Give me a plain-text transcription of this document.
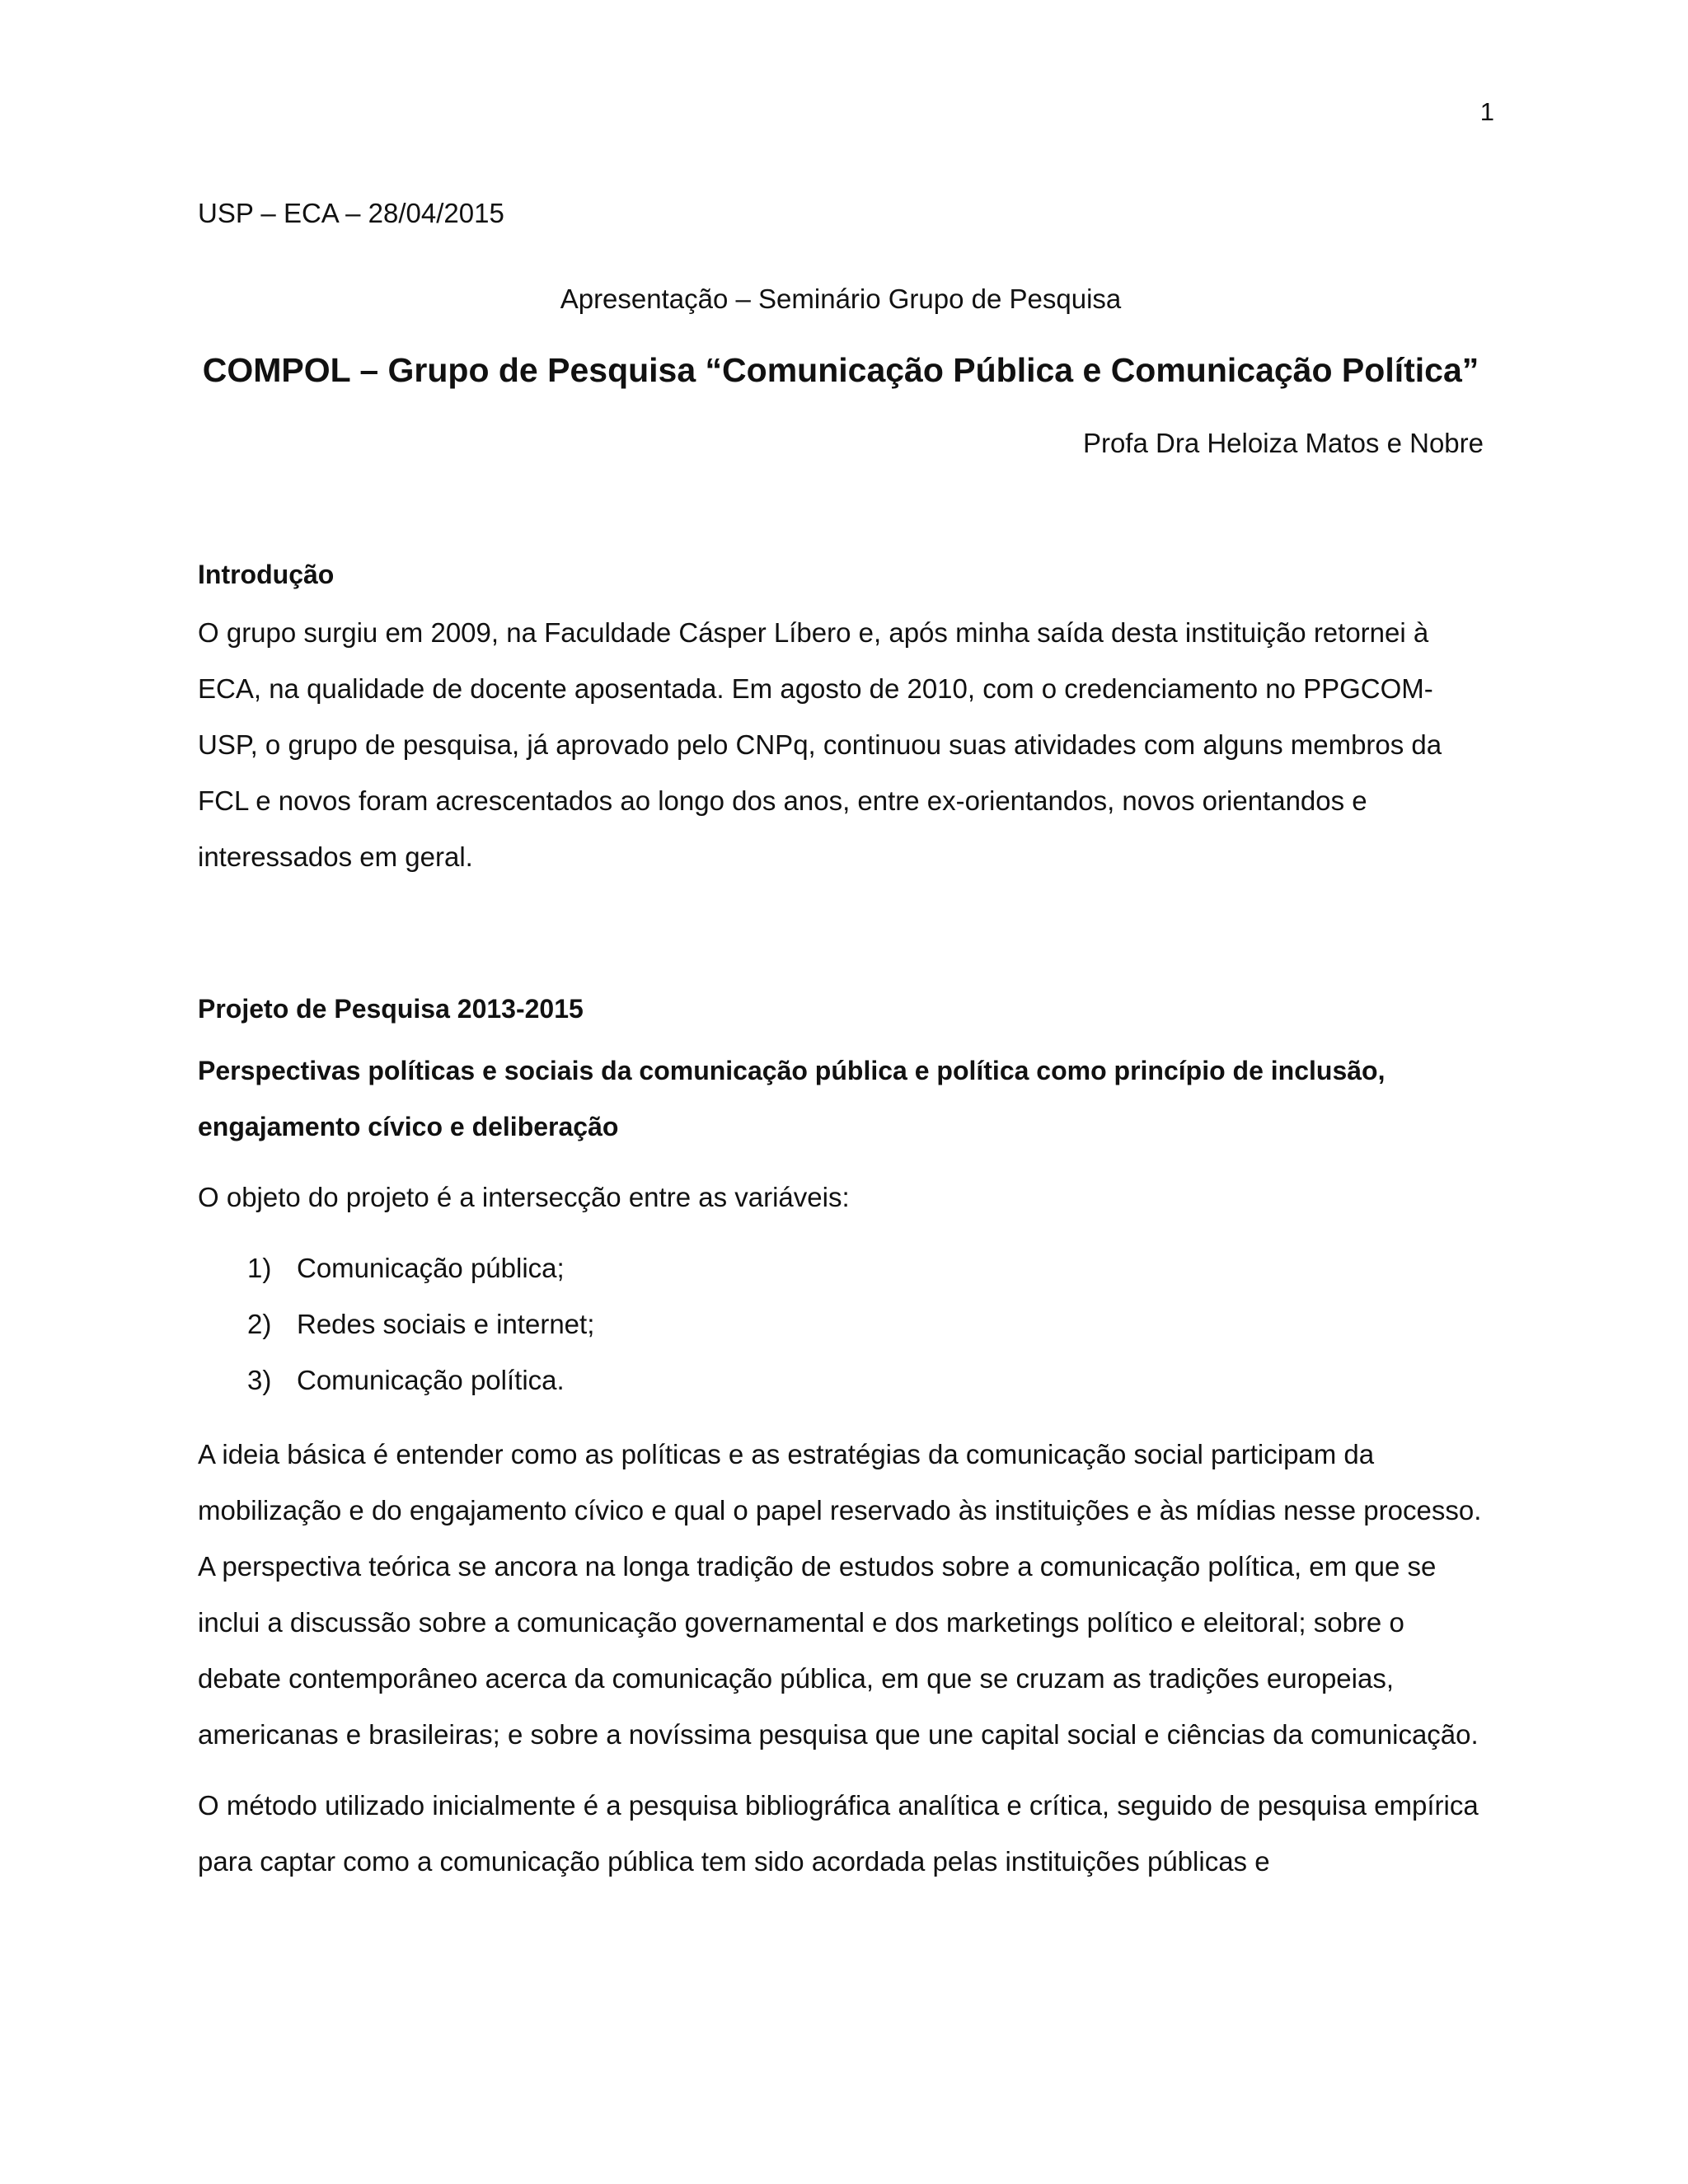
1

USP – ECA – 28/04/2015

Apresentação – Seminário Grupo de Pesquisa

COMPOL – Grupo de Pesquisa “Comunicação Pública e Comunicação Política”

Profa Dra Heloiza Matos e Nobre

Introdução

O grupo surgiu em 2009, na Faculdade Cásper Líbero e, após minha saída desta instituição retornei à ECA, na qualidade de docente aposentada. Em agosto de 2010, com o credenciamento no PPGCOM-USP, o grupo de pesquisa, já aprovado pelo CNPq, continuou suas atividades com alguns membros da FCL e novos foram acrescentados ao longo dos anos, entre ex-orientandos, novos orientandos e interessados em geral.

Projeto de Pesquisa 2013-2015

Perspectivas políticas e sociais da comunicação pública e política como princípio de inclusão, engajamento cívico e deliberação

O objeto do projeto é a intersecção entre as variáveis:

1) Comunicação pública;
2) Redes sociais e internet;
3) Comunicação política.

A ideia básica é entender como as políticas e as estratégias da comunicação social participam da mobilização e do engajamento cívico e qual o papel reservado às instituições e às mídias nesse processo. A perspectiva teórica se ancora na longa tradição de estudos sobre a comunicação política, em que se inclui a discussão sobre a comunicação governamental e dos marketings político e eleitoral; sobre o debate contemporâneo acerca da comunicação pública, em que se cruzam as tradições europeias, americanas e brasileiras; e sobre a novíssima pesquisa que une capital social e ciências da comunicação.

O método utilizado inicialmente é a pesquisa bibliográfica analítica e crítica, seguido de pesquisa empírica para captar como a comunicação pública tem sido acordada pelas instituições públicas e
